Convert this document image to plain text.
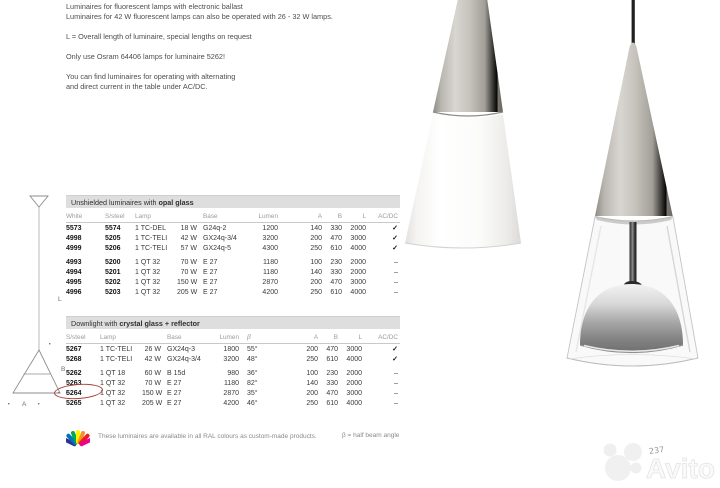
Luminaires for fluorescent lamps with electronic ballast
Luminaires for 42 W fluorescent lamps can also be operated with 26 - 32 W lamps.

L = Overall length of luminaire, special lengths on request

Only use Osram 64406 lamps for luminaire 5262!

You can find luminaires for operating with alternating
and direct current in the table under AC/DC.

L
B
A
Unshielded luminaires with opal glass
White	S/steel	Lamp		Base	Lumen	A	B	L	AC/DC
5573	5574	1 TC-DEL	18 W	G24q-2	1200	140	330	2000	✓
4998	5205	1 TC-TELI	42 W	GX24q-3/4	3200	200	470	3000	✓
4999	5206	1 TC-TELI	57 W	GX24q-5	4300	250	610	4000	✓

4993	5200	1 QT 32	70 W	E 27	1180	100	230	2000	–
4994	5201	1 QT 32	70 W	E 27	1180	140	330	2000	–
4995	5202	1 QT 32	150 W	E 27	2870	200	470	3000	–
4996	5203	1 QT 32	205 W	E 27	4200	250	610	4000	–
Downlight with crystal glass + reflector
S/steel	Lamp		Base	Lumen	β	A	B	L	AC/DC
5267	1 TC-TELI	26 W	GX24q-3	1800	55°	200	470	3000	✓
5268	1 TC-TELI	42 W	GX24q-3/4	3200	48°	250	610	4000	✓

5262	1 QT 18	60 W	B 15d	980	36°	100	230	2000	–
5263	1 QT 32	70 W	E 27	1180	82°	140	330	2000	–
5264	1 QT 32	150 W	E 27	2870	35°	200	470	3000	–
5265	1 QT 32	205 W	E 27	4200	46°	250	610	4000	–
These luminaires are available in all RAL colours as custom-made products.	β = half beam angle
Avito
237
